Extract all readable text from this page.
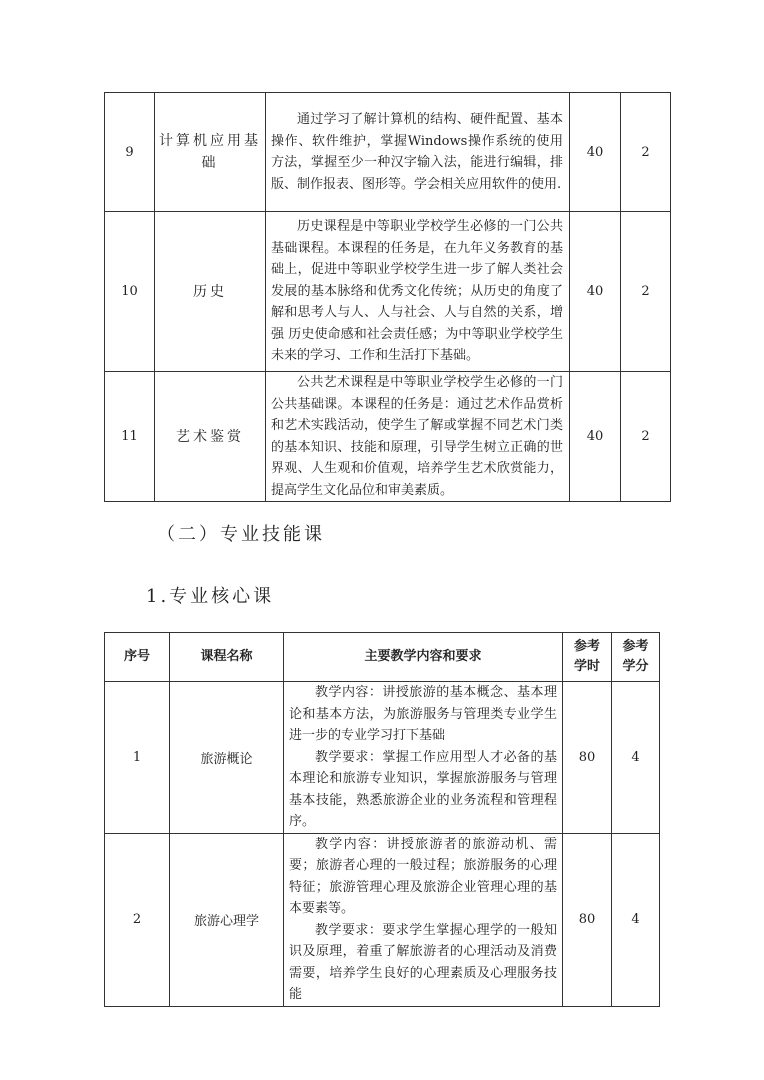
9	计算机应用基础	通过学习了解计算机的结构、硬件配置、基本操作、软件维护，掌握Windows操作系统的使用方法，掌握至少一种汉字输入法，能进行编辑，排版、制作报表、图形等。学会相关应用软件的使用.	40	2
10	历史	历史课程是中等职业学校学生必修的一门公共基础课程。本课程的任务是，在九年义务教育的基础上，促进中等职业学校学生进一步了解人类社会发展的基本脉络和优秀文化传统；从历史的角度了解和思考人与人、人与社会、人与自然的关系，增强 历史使命感和社会责任感；为中等职业学校学生未来的学习、工作和生活打下基础。	40	2
11	艺术鉴赏	公共艺术课程是中等职业学校学生必修的一门公共基础课。本课程的任务是：通过艺术作品赏析和艺术实践活动，使学生了解或掌握不同艺术门类的基本知识、技能和原理，引导学生树立正确的世界观、人生观和价值观，培养学生艺术欣赏能力，提高学生文化品位和审美素质。	40	2
（二）专业技能课
1.专业核心课
序号	课程名称	主要教学内容和要求	参考学时	参考学分

1	旅游概论	教学内容：讲授旅游的基本概念、基本理论和基本方法，为旅游服务与管理类专业学生进一步的专业学习打下基础
教学要求：掌握工作应用型人才必备的基本理论和旅游专业知识，掌握旅游服务与管理基本技能，熟悉旅游企业的业务流程和管理程序。	80	4
2	旅游心理学	教学内容：讲授旅游者的旅游动机、需要；旅游者心理的一般过程；旅游服务的心理特征；旅游管理心理及旅游企业管理心理的基本要素等。
教学要求：要求学生掌握心理学的一般知识及原理，着重了解旅游者的心理活动及消费需要，培养学生良好的心理素质及心理服务技能	80	4
